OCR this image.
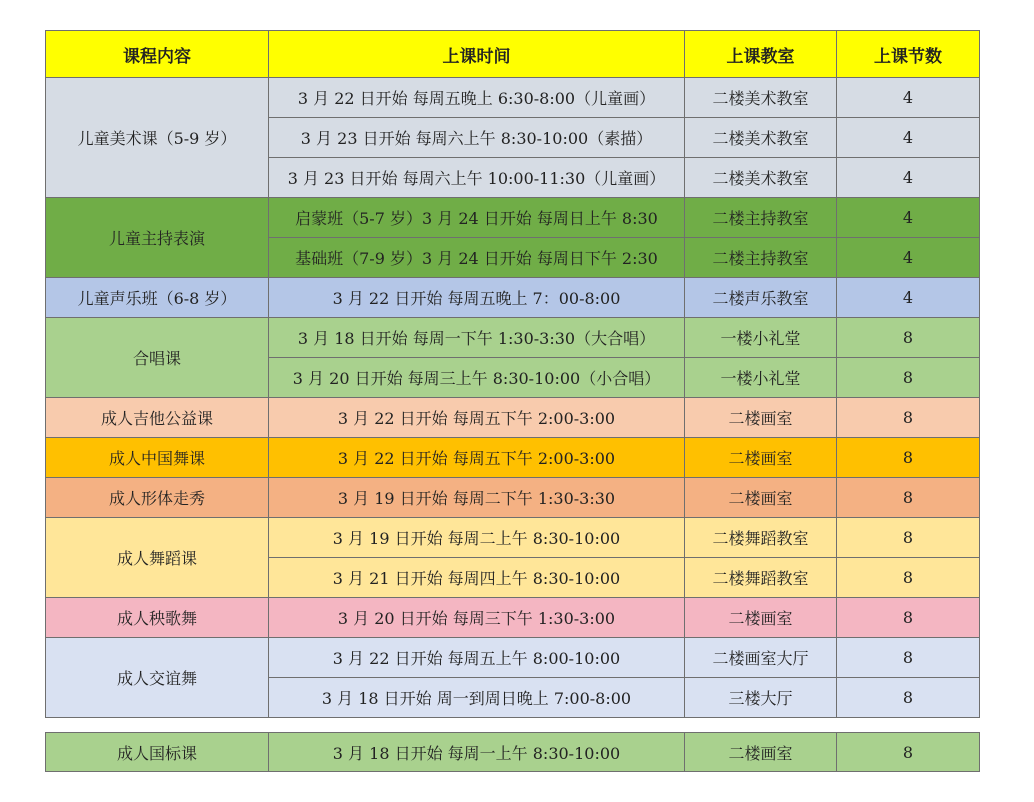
课程内容	上课时间	上课教室	上课节数
儿童美术课（5-9 岁）	3 月 22 日开始 每周五晚上 6:30-8:00（儿童画）	二楼美术教室	4
	3 月 23 日开始 每周六上午 8:30-10:00（素描）	二楼美术教室	4
	3 月 23 日开始 每周六上午 10:00-11:30（儿童画）	二楼美术教室	4
儿童主持表演	启蒙班（5-7 岁）3 月 24 日开始 每周日上午 8:30	二楼主持教室	4
	基础班（7-9 岁）3 月 24 日开始 每周日下午 2:30	二楼主持教室	4
儿童声乐班（6-8 岁）	3 月 22 日开始 每周五晚上 7：00-8:00	二楼声乐教室	4
合唱课	3 月 18 日开始 每周一下午 1:30-3:30（大合唱）	一楼小礼堂	8
	3 月 20 日开始 每周三上午 8:30-10:00（小合唱）	一楼小礼堂	8
成人吉他公益课	3 月 22 日开始 每周五下午 2:00-3:00	二楼画室	8
成人中国舞课	3 月 22 日开始 每周五下午 2:00-3:00	二楼画室	8
成人形体走秀	3 月 19 日开始 每周二下午 1:30-3:30	二楼画室	8
成人舞蹈课	3 月 19 日开始 每周二上午 8:30-10:00	二楼舞蹈教室	8
	3 月 21 日开始 每周四上午 8:30-10:00	二楼舞蹈教室	8
成人秧歌舞	3 月 20 日开始 每周三下午 1:30-3:00	二楼画室	8
成人交谊舞	3 月 22 日开始 每周五上午 8:00-10:00	二楼画室大厅	8
	3 月 18 日开始 周一到周日晚上 7:00-8:00	三楼大厅	8
成人国标课	3 月 18 日开始 每周一上午 8:30-10:00	二楼画室	8
